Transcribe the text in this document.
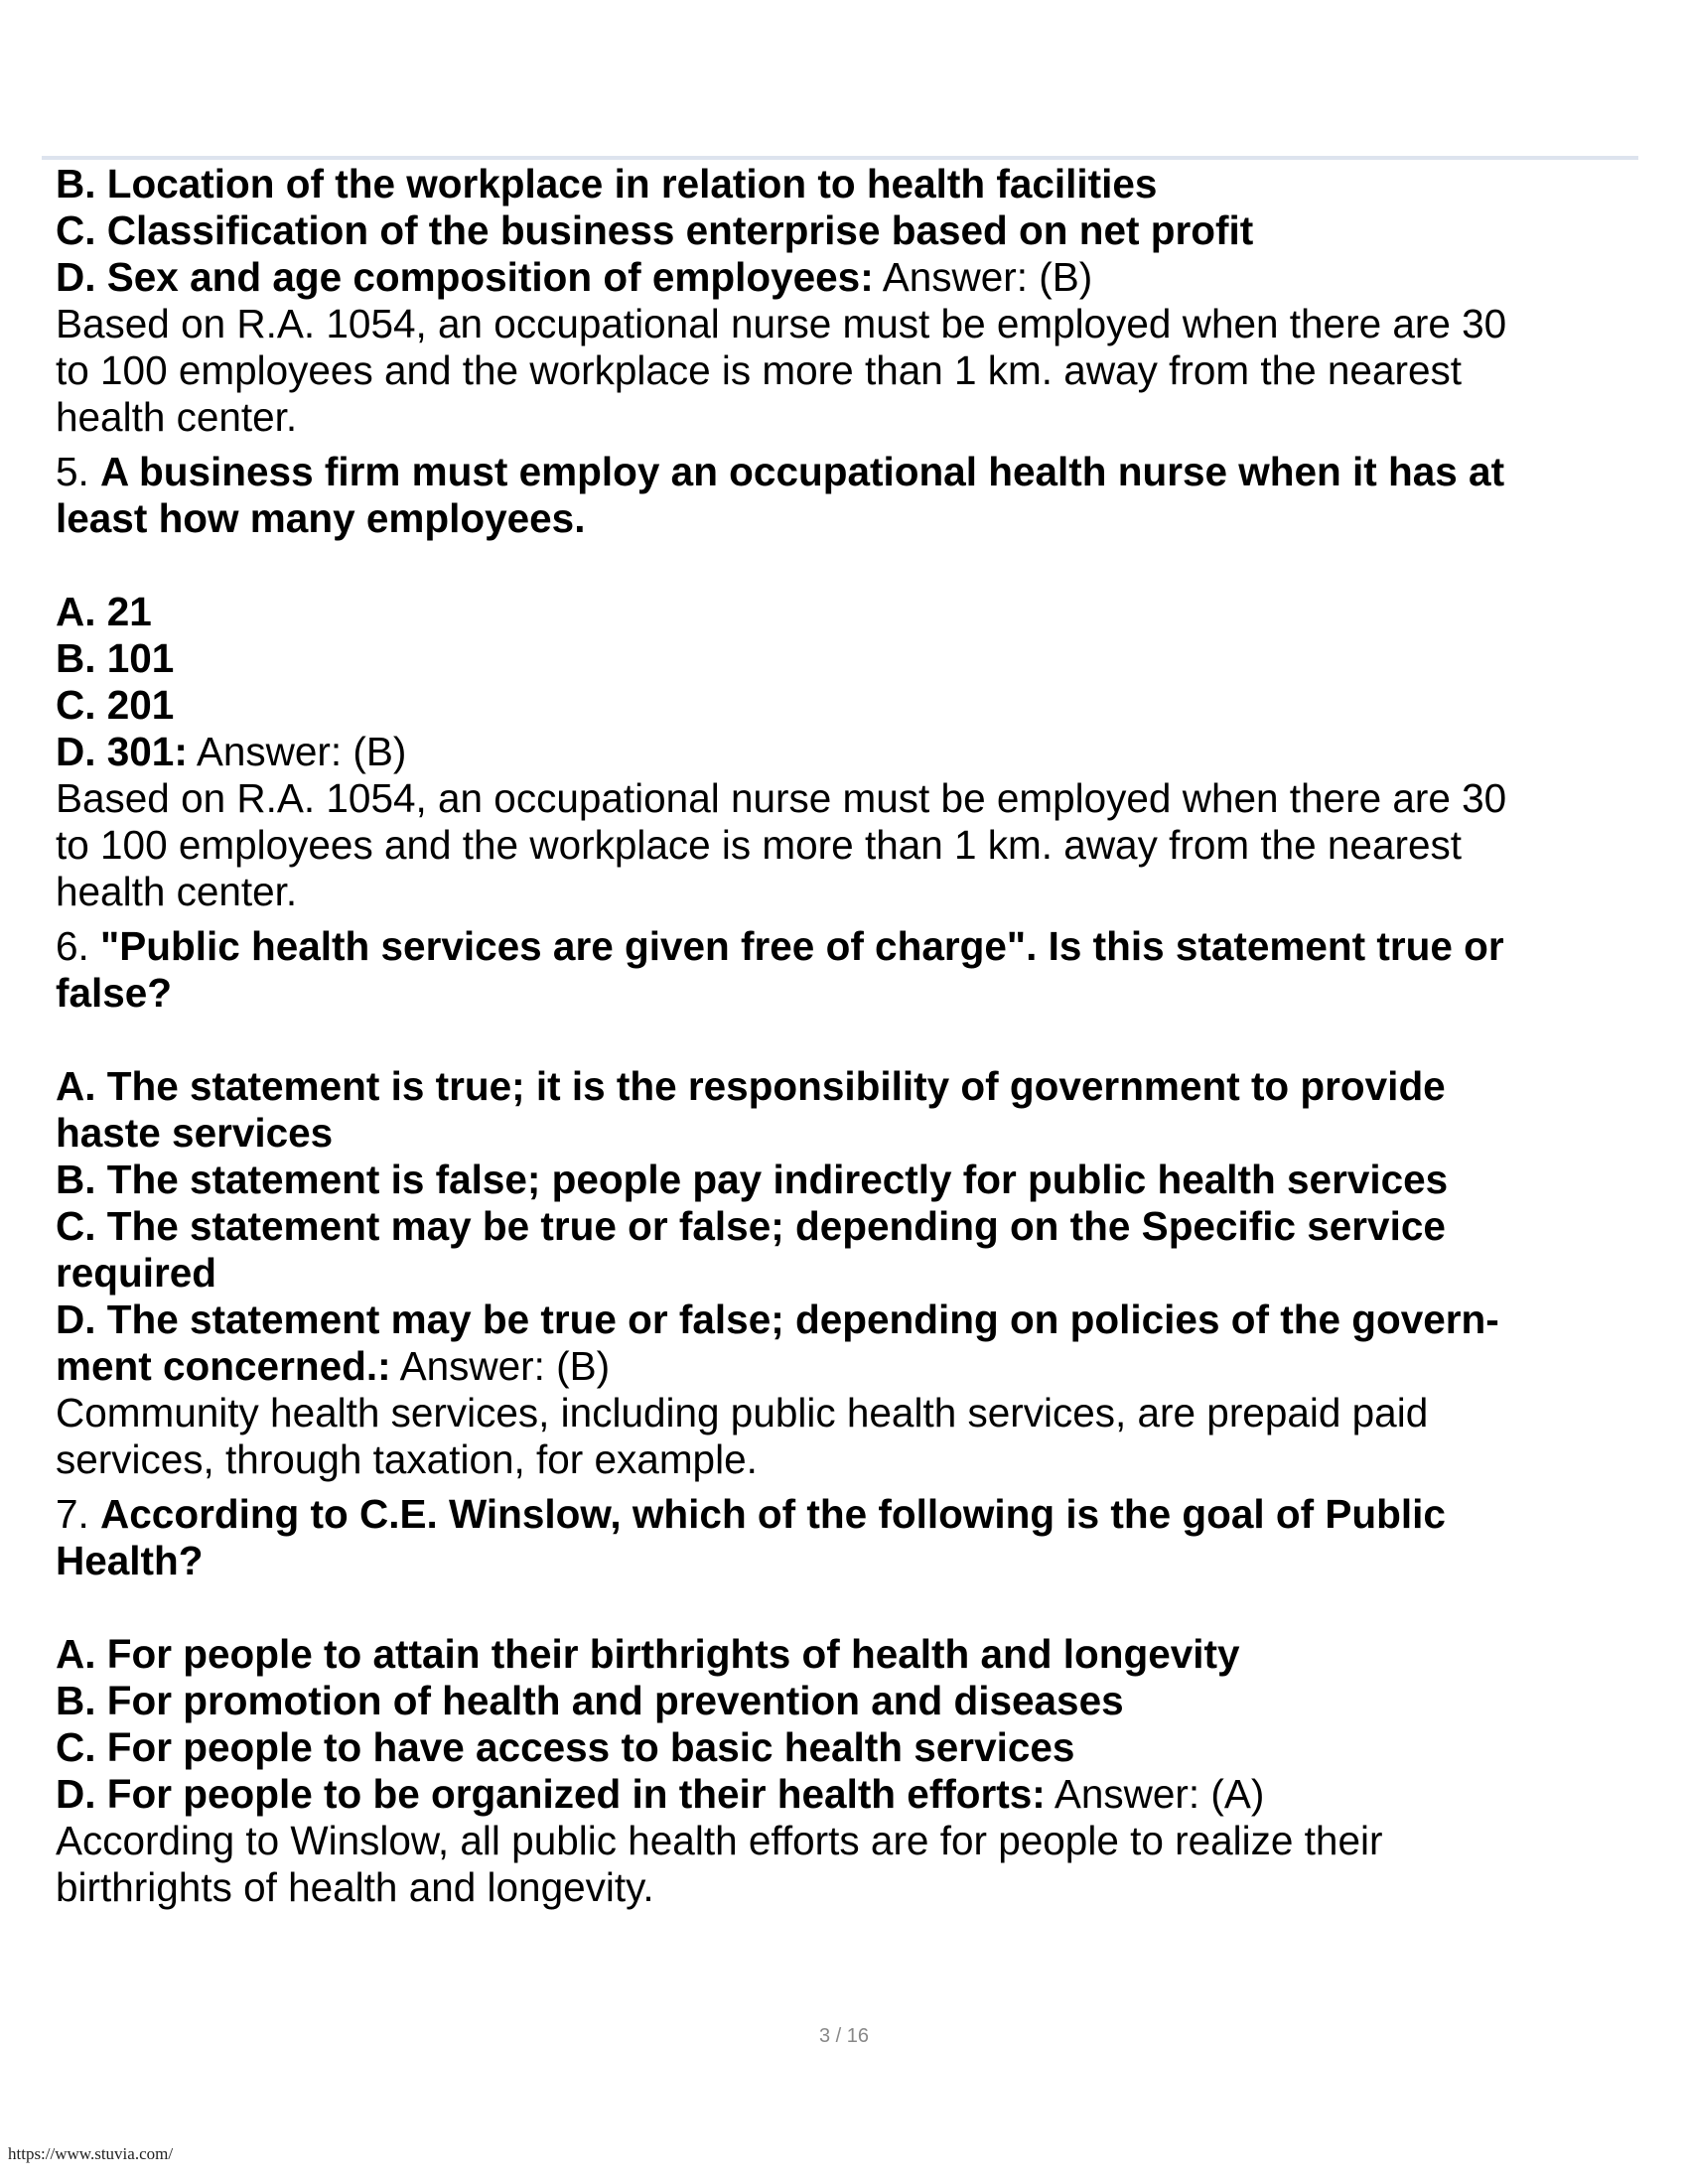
B. Location of the workplace in relation to health facilities
C. Classification of the business enterprise based on net profit
D. Sex and age composition of employees: Answer: (B)
Based on R.A. 1054, an occupational nurse must be employed when there are 30
to 100 employees and the workplace is more than 1 km. away from the nearest
health center.
5. A business firm must employ an occupational health nurse when it has at
least how many employees.
A. 21
B. 101
C. 201
D. 301: Answer: (B)
Based on R.A. 1054, an occupational nurse must be employed when there are 30
to 100 employees and the workplace is more than 1 km. away from the nearest
health center.
6. "Public health services are given free of charge". Is this statement true or
false?
A. The statement is true; it is the responsibility of government to provide
haste services
B. The statement is false; people pay indirectly for public health services
C. The statement may be true or false; depending on the Specific service
required
D. The statement may be true or false; depending on policies of the govern-
ment concerned.: Answer: (B)
Community health services, including public health services, are prepaid paid
services, through taxation, for example.
7. According to C.E. Winslow, which of the following is the goal of Public
Health?
A. For people to attain their birthrights of health and longevity
B. For promotion of health and prevention and diseases
C. For people to have access to basic health services
D. For people to be organized in their health efforts: Answer: (A)
According to Winslow, all public health efforts are for people to realize their
birthrights of health and longevity.
3 / 16
https://www.stuvia.com/
